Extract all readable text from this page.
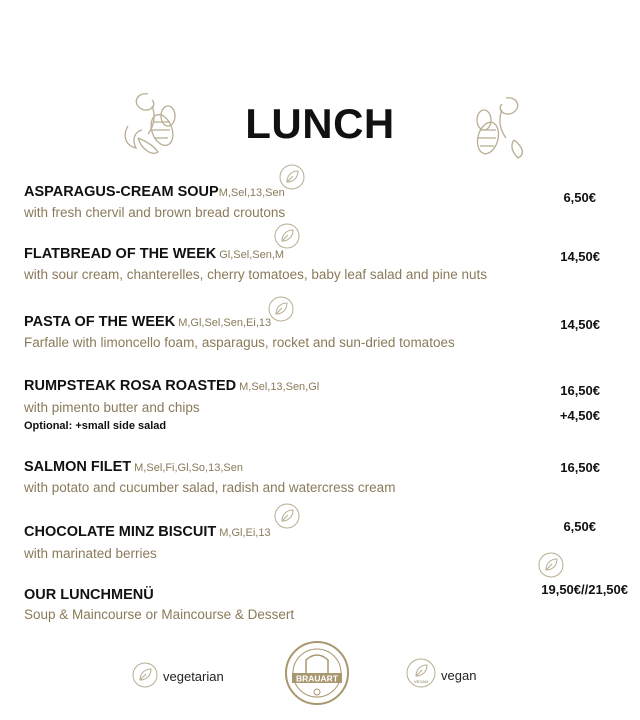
LUNCH
ASPARAGUS-CREAM SOUPM,Sel,13,Sen
with fresh chervil and brown bread croutons
6,50€
FLATBREAD OF THE WEEK Gl,Sel,Sen,M
with sour cream, chanterelles, cherry tomatoes, baby leaf salad and pine nuts
14,50€
PASTA OF THE WEEK M,Gl,Sel,Sen,Ei,13
Farfalle with limoncello foam, asparagus, rocket and sun-dried tomatoes
14,50€
RUMPSTEAK ROSA ROASTED M,Sel,13,Sen,Gl
with pimento butter and chips
Optional: +small side salad
16,50€
+4,50€
SALMON FILET M,Sel,Fi,Gl,So,13,Sen
with potato and cucumber salad, radish and watercress cream
16,50€
CHOCOLATE MINZ BISCUIT M,Gl,Ei,13
with marinated berries
6,50€
OUR LUNCHMENÜ
Soup & Maincourse or Maincourse & Dessert
19,50€//21,50€
vegetarian	VEGAN vegan
BRAUART
